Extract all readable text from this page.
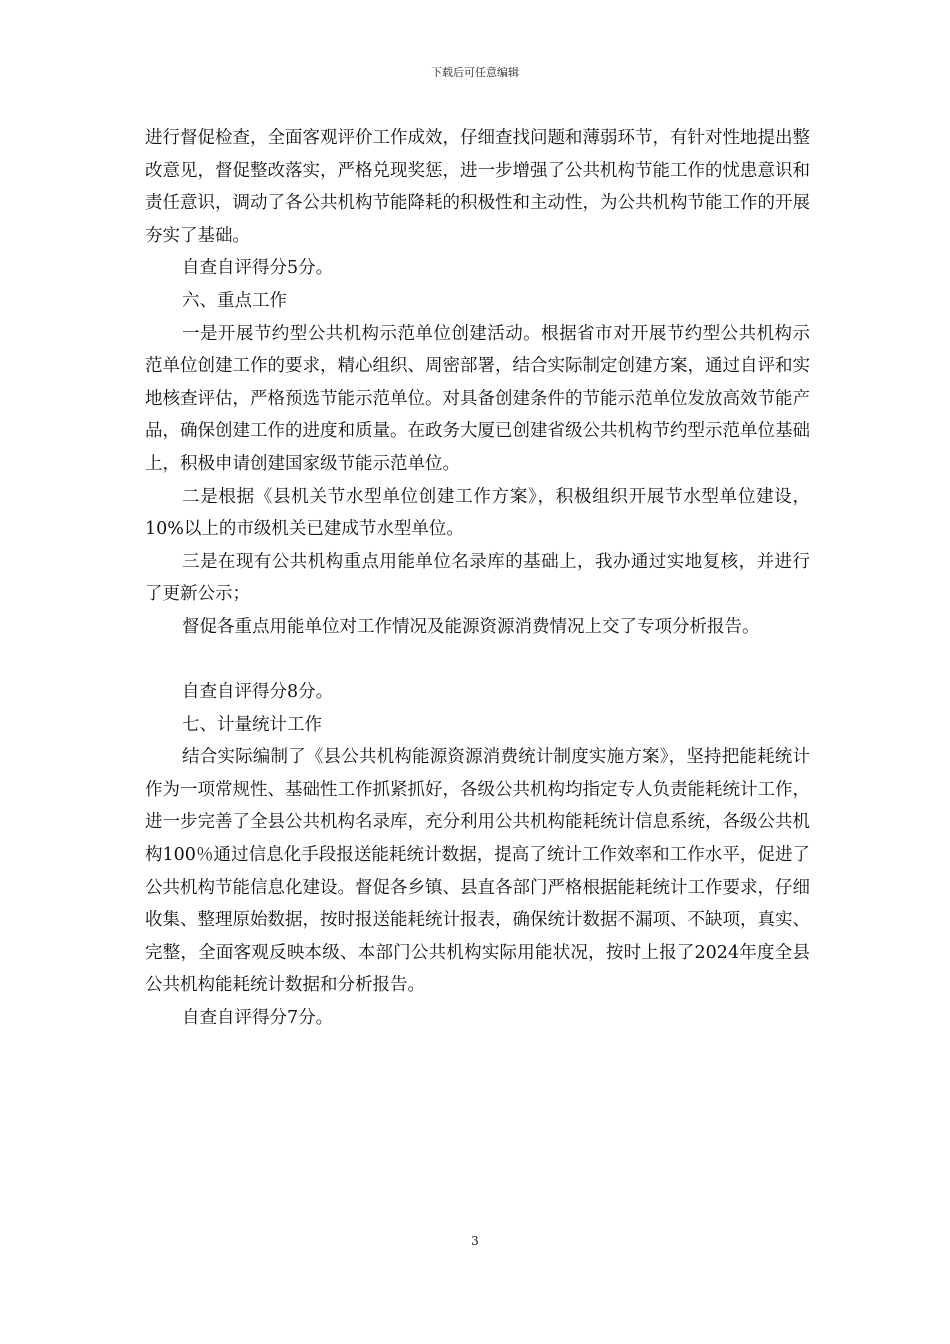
下载后可任意编辑

进行督促检查，全面客观评价工作成效，仔细查找问题和薄弱环节，有针对性地提出整改意见，督促整改落实，严格兑现奖惩，进一步增强了公共机构节能工作的忧患意识和责任意识，调动了各公共机构节能降耗的积极性和主动性，为公共机构节能工作的开展夯实了基础。

自查自评得分5分。

六、重点工作

一是开展节约型公共机构示范单位创建活动。根据省市对开展节约型公共机构示范单位创建工作的要求，精心组织、周密部署，结合实际制定创建方案，通过自评和实地核查评估，严格预选节能示范单位。对具备创建条件的节能示范单位发放高效节能产品，确保创建工作的进度和质量。在政务大厦已创建省级公共机构节约型示范单位基础上，积极申请创建国家级节能示范单位。

二是根据《县机关节水型单位创建工作方案》，积极组织开展节水型单位建设，10%以上的市级机关已建成节水型单位。

三是在现有公共机构重点用能单位名录库的基础上，我办通过实地复核，并进行了更新公示；

督促各重点用能单位对工作情况及能源资源消费情况上交了专项分析报告。

自查自评得分8分。

七、计量统计工作

结合实际编制了《县公共机构能源资源消费统计制度实施方案》，坚持把能耗统计作为一项常规性、基础性工作抓紧抓好，各级公共机构均指定专人负责能耗统计工作，进一步完善了全县公共机构名录库，充分利用公共机构能耗统计信息系统，各级公共机构100％通过信息化手段报送能耗统计数据，提高了统计工作效率和工作水平，促进了公共机构节能信息化建设。督促各乡镇、县直各部门严格根据能耗统计工作要求，仔细收集、整理原始数据，按时报送能耗统计报表，确保统计数据不漏项、不缺项，真实、完整，全面客观反映本级、本部门公共机构实际用能状况，按时上报了2024年度全县公共机构能耗统计数据和分析报告。

自查自评得分7分。

3
